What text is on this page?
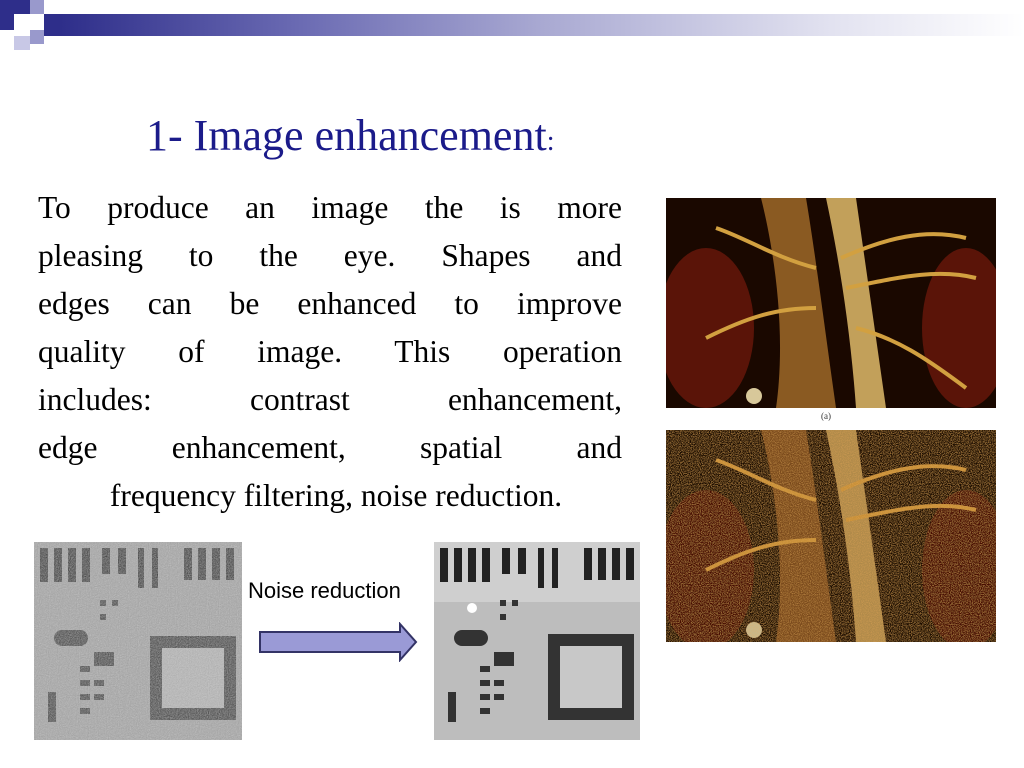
1- Image enhancement:
To produce an image the is more
pleasing to the eye. Shapes and
edges can be enhanced to improve
quality of image. This operation
includes: contrast enhancement,
edge enhancement, spatial and
frequency filtering, noise reduction.
Noise reduction
(a)
